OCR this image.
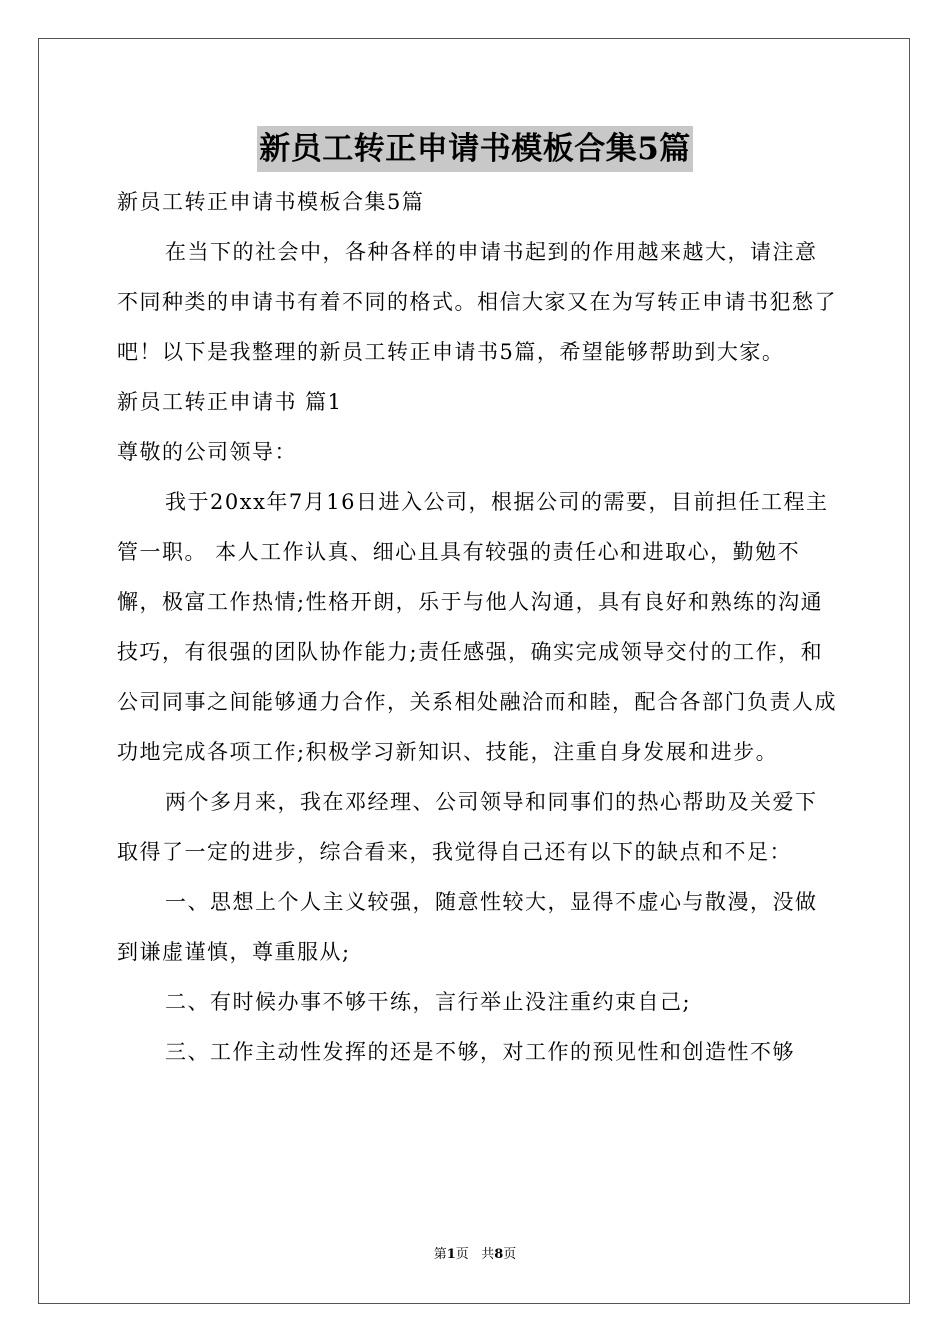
新员工转正申请书模板合集5篇

新员工转正申请书模板合集5篇

在当下的社会中，各种各样的申请书起到的作用越来越大，请注意不同种类的申请书有着不同的格式。相信大家又在为写转正申请书犯愁了吧！以下是我整理的新员工转正申请书5篇，希望能够帮助到大家。

新员工转正申请书 篇1

尊敬的公司领导：

我于20xx年7月16日进入公司，根据公司的需要，目前担任工程主管一职。 本人工作认真、细心且具有较强的责任心和进取心，勤勉不懈，极富工作热情;性格开朗，乐于与他人沟通，具有良好和熟练的沟通技巧，有很强的团队协作能力;责任感强，确实完成领导交付的工作，和公司同事之间能够通力合作，关系相处融洽而和睦，配合各部门负责人成功地完成各项工作;积极学习新知识、技能，注重自身发展和进步。

两个多月来，我在邓经理、公司领导和同事们的热心帮助及关爱下取得了一定的进步，综合看来，我觉得自己还有以下的缺点和不足：

一、思想上个人主义较强，随意性较大，显得不虚心与散漫，没做到谦虚谨慎，尊重服从;

二、有时候办事不够干练，言行举止没注重约束自己;

三、工作主动性发挥的还是不够，对工作的预见性和创造性不够

第1页 共8页
